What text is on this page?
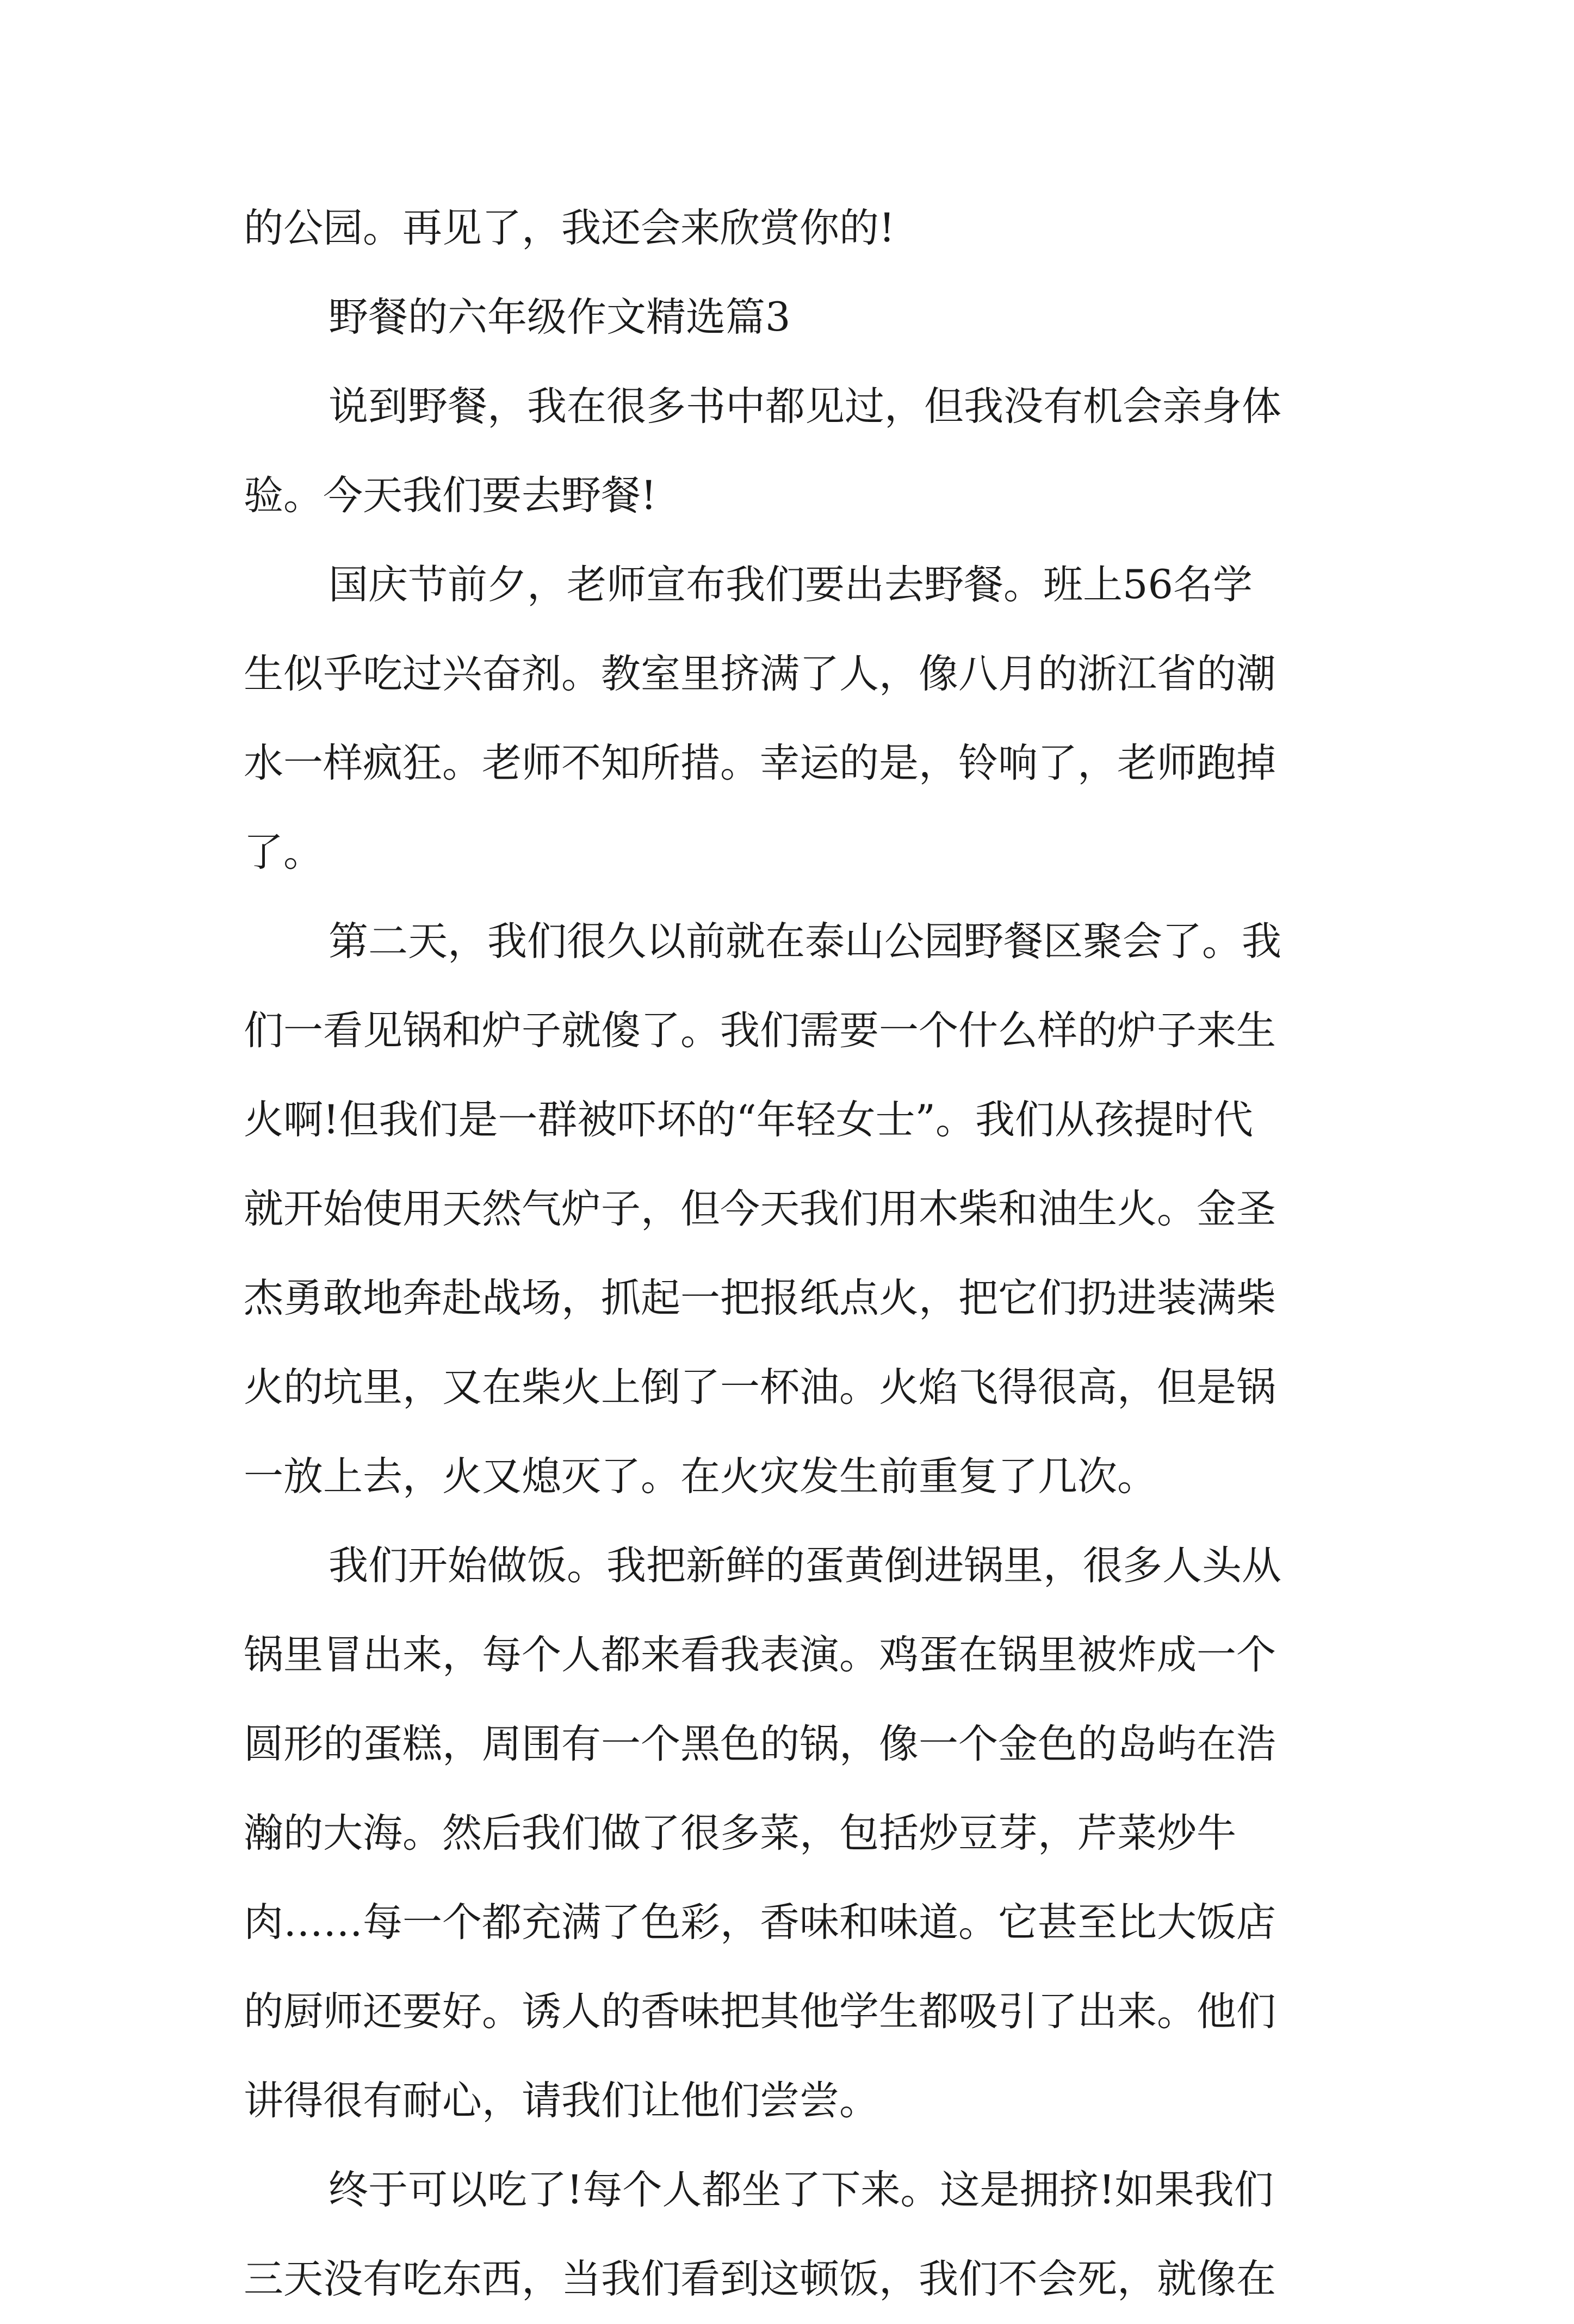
的公园。再见了，我还会来欣赏你的!
野餐的六年级作文精选篇3
说到野餐，我在很多书中都见过，但我没有机会亲身体
验。今天我们要去野餐!
国庆节前夕，老师宣布我们要出去野餐。班上56名学
生似乎吃过兴奋剂。教室里挤满了人，像八月的浙江省的潮
水一样疯狂。老师不知所措。幸运的是，铃响了，老师跑掉
了。
第二天，我们很久以前就在泰山公园野餐区聚会了。我
们一看见锅和炉子就傻了。我们需要一个什么样的炉子来生
火啊!但我们是一群被吓坏的“年轻女士”。我们从孩提时代
就开始使用天然气炉子，但今天我们用木柴和油生火。金圣
杰勇敢地奔赴战场，抓起一把报纸点火，把它们扔进装满柴
火的坑里，又在柴火上倒了一杯油。火焰飞得很高，但是锅
一放上去，火又熄灭了。在火灾发生前重复了几次。
我们开始做饭。我把新鲜的蛋黄倒进锅里，很多人头从
锅里冒出来，每个人都来看我表演。鸡蛋在锅里被炸成一个
圆形的蛋糕，周围有一个黑色的锅，像一个金色的岛屿在浩
瀚的大海。然后我们做了很多菜，包括炒豆芽，芹菜炒牛
肉……每一个都充满了色彩，香味和味道。它甚至比大饭店
的厨师还要好。诱人的香味把其他学生都吸引了出来。他们
讲得很有耐心，请我们让他们尝尝。
终于可以吃了!每个人都坐了下来。这是拥挤!如果我们
三天没有吃东西，当我们看到这顿饭，我们不会死，就像在
